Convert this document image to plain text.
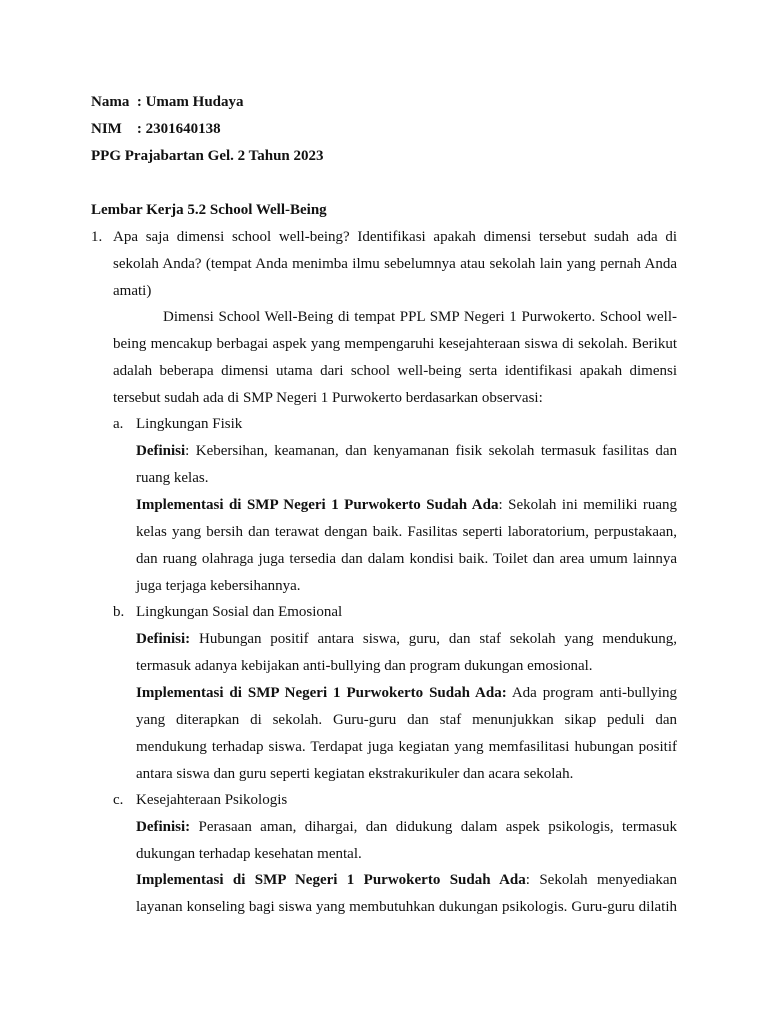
Nama : Umam Hudaya
NIM : 2301640138
PPG Prajabartan Gel. 2 Tahun 2023
Lembar Kerja 5.2 School Well-Being
1. Apa saja dimensi school well-being? Identifikasi apakah dimensi tersebut sudah ada di
sekolah Anda? (tempat Anda menimba ilmu sebelumnya atau sekolah lain yang pernah Anda
amati)
Dimensi School Well-Being di tempat PPL SMP Negeri 1 Purwokerto. School well-
being mencakup berbagai aspek yang mempengaruhi kesejahteraan siswa di sekolah. Berikut
adalah beberapa dimensi utama dari school well-being serta identifikasi apakah dimensi
tersebut sudah ada di SMP Negeri 1 Purwokerto berdasarkan observasi:
a. Lingkungan Fisik
Definisi: Kebersihan, keamanan, dan kenyamanan fisik sekolah termasuk fasilitas dan
ruang kelas.
Implementasi di SMP Negeri 1 Purwokerto Sudah Ada: Sekolah ini memiliki ruang
kelas yang bersih dan terawat dengan baik. Fasilitas seperti laboratorium, perpustakaan,
dan ruang olahraga juga tersedia dan dalam kondisi baik. Toilet dan area umum lainnya
juga terjaga kebersihannya.
b. Lingkungan Sosial dan Emosional
Definisi: Hubungan positif antara siswa, guru, dan staf sekolah yang mendukung,
termasuk adanya kebijakan anti-bullying dan program dukungan emosional.
Implementasi di SMP Negeri 1 Purwokerto Sudah Ada: Ada program anti-bullying
yang diterapkan di sekolah. Guru-guru dan staf menunjukkan sikap peduli dan
mendukung terhadap siswa. Terdapat juga kegiatan yang memfasilitasi hubungan positif
antara siswa dan guru seperti kegiatan ekstrakurikuler dan acara sekolah.
c. Kesejahteraan Psikologis
Definisi: Perasaan aman, dihargai, dan didukung dalam aspek psikologis, termasuk
dukungan terhadap kesehatan mental.
Implementasi di SMP Negeri 1 Purwokerto Sudah Ada: Sekolah menyediakan
layanan konseling bagi siswa yang membutuhkan dukungan psikologis. Guru-guru dilatih
